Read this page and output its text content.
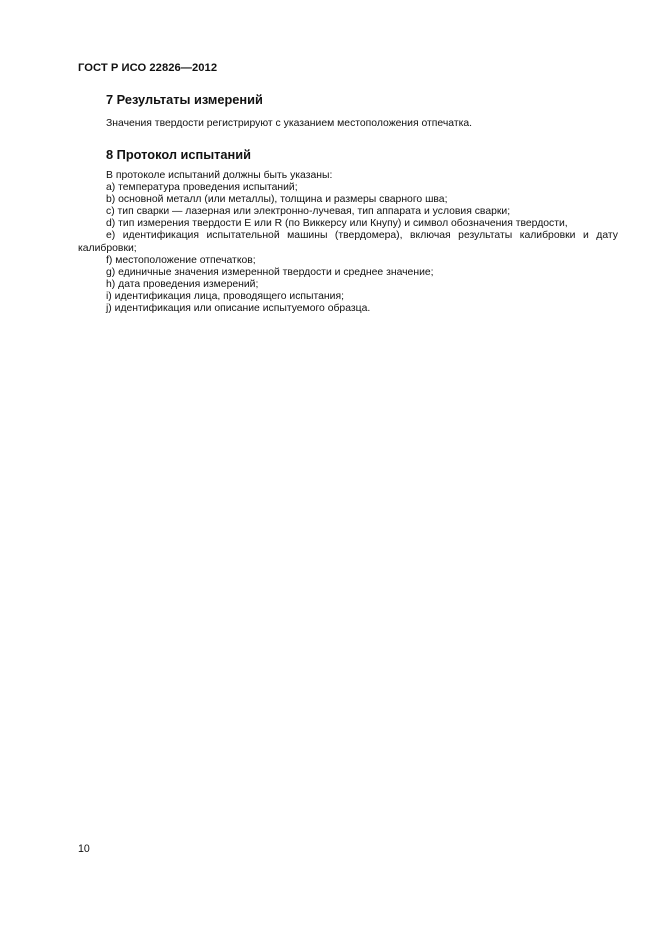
ГОСТ Р ИСО 22826—2012
7 Результаты измерений
Значения твердости регистрируют с указанием местоположения отпечатка.
8 Протокол испытаний

В протоколе испытаний должны быть указаны:

a) температура проведения испытаний;

b) основной металл (или металлы), толщина и размеры сварного шва;

c) тип сварки — лазерная или электронно-лучевая, тип аппарата и условия сварки;

d) тип измерения твердости E или R (по Виккерсу или Кнупу) и символ обозначения твердости,

e) идентификация испытательной машины (твердомера), включая результаты калибровки и дату

калибровки;

f) местоположение отпечатков;

g) единичные значения измеренной твердости и среднее значение;

h) дата проведения измерений;

i) идентификация лица, проводящего испытания;

j) идентификация или описание испытуемого образца.

10
